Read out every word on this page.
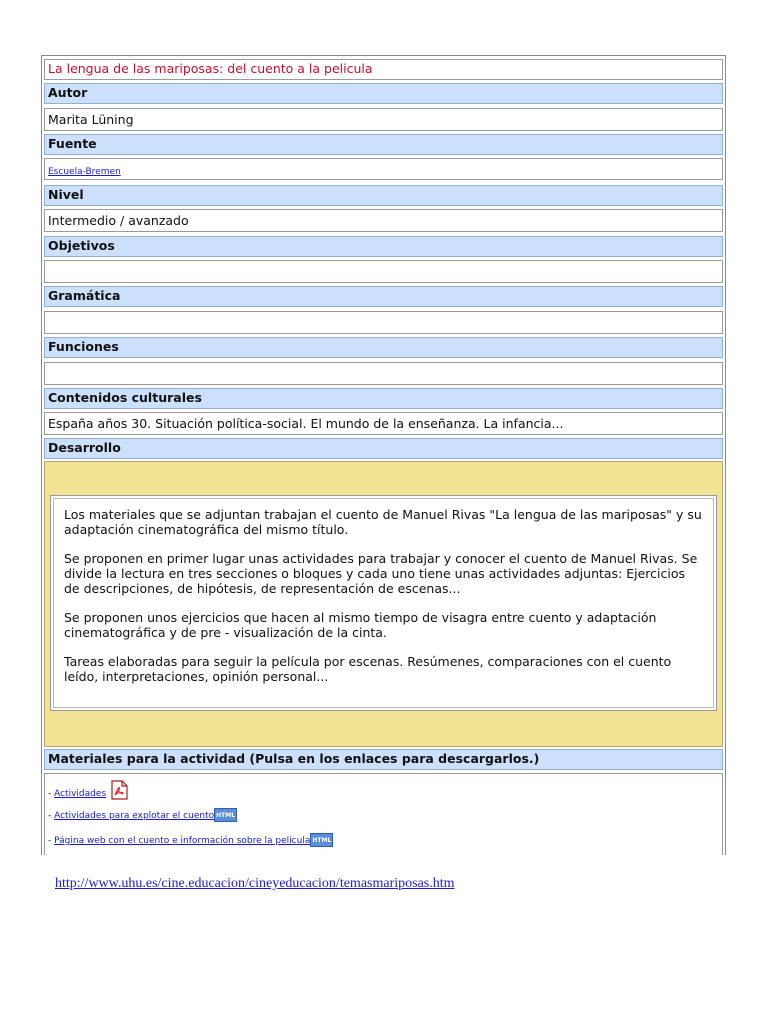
La lengua de las mariposas: del cuento a la pelicula
Autor
Marita Lüning
Fuente
Escuela-Bremen
Nivel
Intermedio / avanzado
Objetivos
Gramática
Funciones
Contenidos culturales
España años 30. Situación política-social. El mundo de la enseñanza. La infancia...
Desarrollo

Los materiales que se adjuntan trabajan el cuento de Manuel Rivas "La lengua de las mariposas" y su adaptación cinematográfica del mismo título.

Se proponen en primer lugar unas actividades para trabajar y conocer el cuento de Manuel Rivas. Se divide la lectura en tres secciones o bloques y cada uno tiene unas actividades adjuntas: Ejercicios de descripciones, de hipótesis, de representación de escenas...

Se proponen unos ejercicios que hacen al mismo tiempo de visagra entre cuento y adaptación cinematográfica y de pre - visualización de la cinta.

Tareas elaboradas para seguir la película por escenas. Resúmenes, comparaciones con el cuento leído, interpretaciones, opinión personal...

Materiales para la actividad (Pulsa en los enlaces para descargarlos.)
- Actividades
- Actividades para explotar el cuento HTML
- Página web con el cuento e información sobre la película HTML
http://www.uhu.es/cine.educacion/cineyeducacion/temasmariposas.htm
